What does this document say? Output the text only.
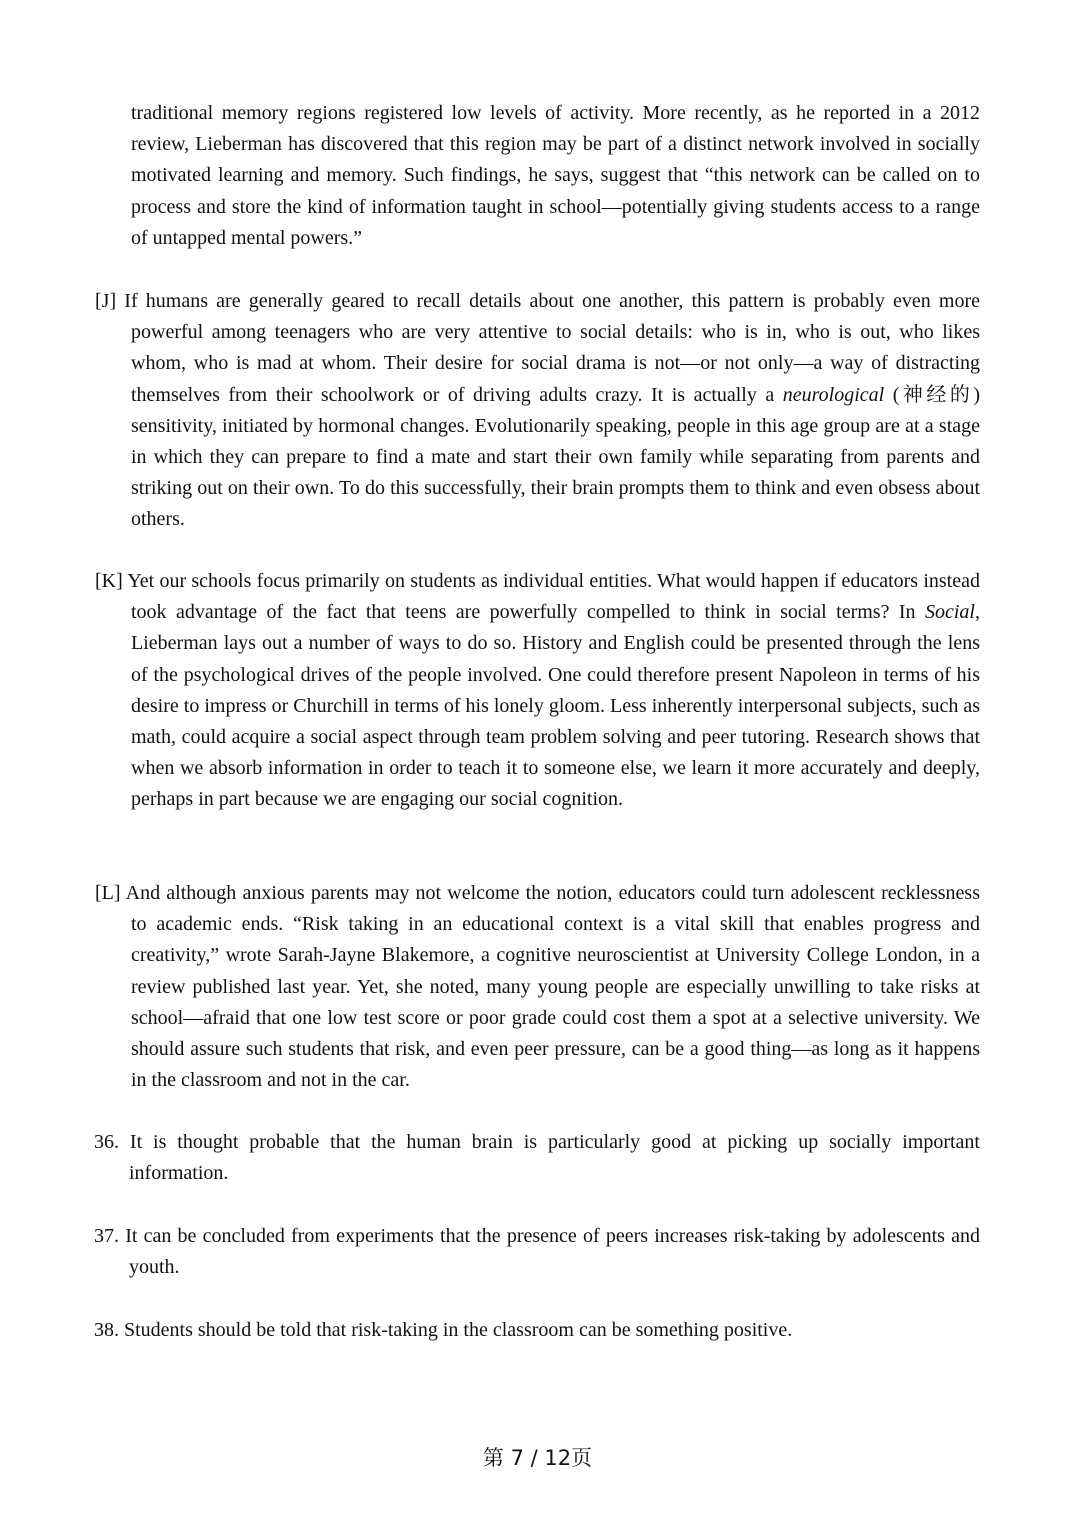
traditional memory regions registered low levels of activity. More recently, as he reported in a 2012 review, Lieberman has discovered that this region may be part of a distinct network involved in socially motivated learning and memory. Such findings, he says, suggest that “this network can be called on to process and store the kind of information taught in school—potentially giving students access to a range of untapped mental powers.”

[J] If humans are generally geared to recall details about one another, this pattern is probably even more powerful among teenagers who are very attentive to social details: who is in, who is out, who likes whom, who is mad at whom. Their desire for social drama is not—or not only—a way of distracting themselves from their schoolwork or of driving adults crazy. It is actually a neurological (神经的) sensitivity, initiated by hormonal changes. Evolutionarily speaking, people in this age group are at a stage in which they can prepare to find a mate and start their own family while separating from parents and striking out on their own. To do this successfully, their brain prompts them to think and even obsess about others.

[K] Yet our schools focus primarily on students as individual entities. What would happen if educators instead took advantage of the fact that teens are powerfully compelled to think in social terms? In Social, Lieberman lays out a number of ways to do so. History and English could be presented through the lens of the psychological drives of the people involved. One could therefore present Napoleon in terms of his desire to impress or Churchill in terms of his lonely gloom. Less inherently interpersonal subjects, such as math, could acquire a social aspect through team problem solving and peer tutoring. Research shows that when we absorb information in order to teach it to someone else, we learn it more accurately and deeply, perhaps in part because we are engaging our social cognition.

[L] And although anxious parents may not welcome the notion, educators could turn adolescent recklessness to academic ends. “Risk taking in an educational context is a vital skill that enables progress and creativity,” wrote Sarah-Jayne Blakemore, a cognitive neuroscientist at University College London, in a review published last year. Yet, she noted, many young people are especially unwilling to take risks at school—afraid that one low test score or poor grade could cost them a spot at a selective university. We should assure such students that risk, and even peer pressure, can be a good thing—as long as it happens in the classroom and not in the car.

36. It is thought probable that the human brain is particularly good at picking up socially important information.

37. It can be concluded from experiments that the presence of peers increases risk-taking by adolescents and youth.

38. Students should be told that risk-taking in the classroom can be something positive.

第 7 / 12页
